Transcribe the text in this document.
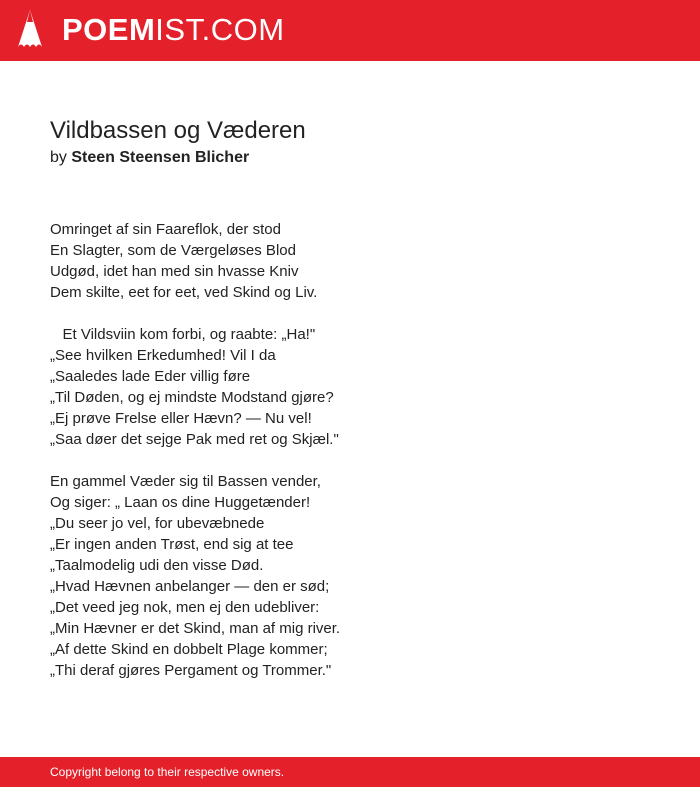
POEMIST.COM
Vildbassen og Væderen
by Steen Steensen Blicher
Omringet af sin Faareflok, der stod
En Slagter, som de Værgeløses Blod
Udgød, idet han med sin hvasse Kniv
Dem skilte, eet for eet, ved Skind og Liv.
Et Vildsviin kom forbi, og raabte: „Ha!"
„See hvilken Erkedumhed! Vil I da
„Saaledes lade Eder villig føre
„Til Døden, og ej mindste Modstand gjøre?
„Ej prøve Frelse eller Hævn? — Nu vel!
„Saa døer det sejge Pak med ret og Skjæl."
En gammel Væder sig til Bassen vender,
Og siger: „ Laan os dine Huggetænder!
„Du seer jo vel, for ubevæbnede
„Er ingen anden Trøst, end sig at tee
„Taalmodelig udi den visse Død.
„Hvad Hævnen anbelanger — den er sød;
„Det veed jeg nok, men ej den udebliver:
„Min Hævner er det Skind, man af mig river.
„Af dette Skind en dobbelt Plage kommer;
„Thi deraf gjøres Pergament og Trommer."
Copyright belong to their respective owners.
